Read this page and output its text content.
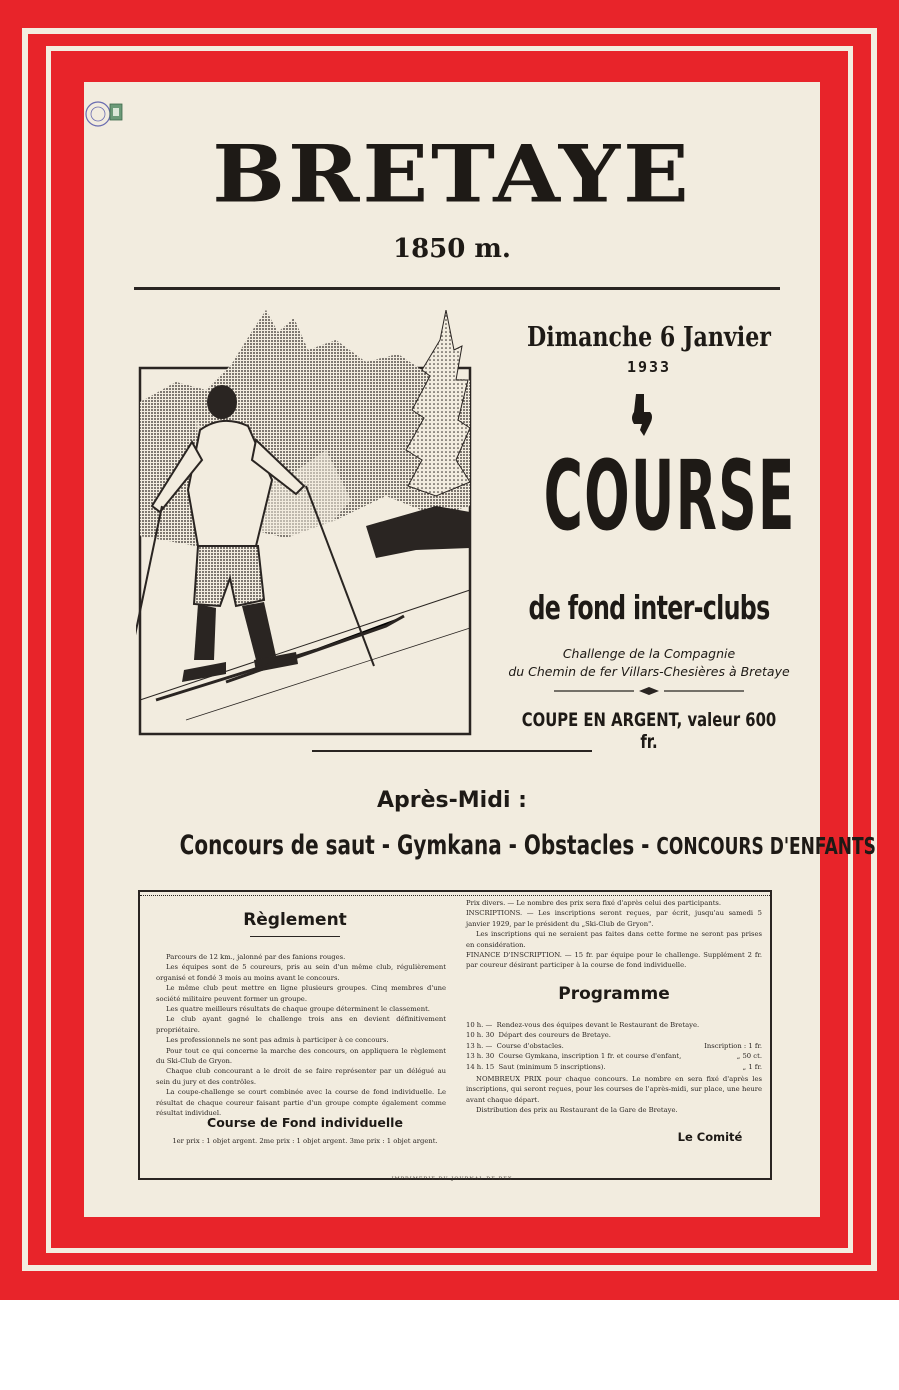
BRETAYE
1850 m.
Dimanche 6 Janvier
1933
COURSE
de fond inter-clubs
Challenge de la Compagnie
du Chemin de fer Villars-Chesières à Bretaye
COUPE EN ARGENT, valeur 600 fr.
Après-Midi :
Concours de saut - Gymkana - Obstacles - CONCOURS D'ENFANTS
Règlement

Parcours de 12 km., jalonné par des fanions rouges.

Les équipes sont de 5 coureurs, pris au sein d'un même club, régulièrement organisé et fondé 3 mois au moins avant le concours.

Le même club peut mettre en ligne plusieurs groupes. Cinq membres d'une société militaire peuvent former un groupe.

Les quatre meilleurs résultats de chaque groupe déterminent le classement.

Le club ayant gagné le challenge trois ans en devient définitivement propriétaire.

Les professionnels ne sont pas admis à participer à ce concours.

Pour tout ce qui concerne la marche des concours, on appliquera le règlement du Ski-Club de Gryon.

Chaque club concourant a le droit de se faire représenter par un délégué au sein du jury et des contrôles.

La coupe-challenge se court combinée avec la course de fond individuelle. Le résultat de chaque coureur faisant partie d'un groupe compte également comme résultat individuel.

Course de Fond individuelle
1er prix : 1 objet argent. 2me prix : 1 objet argent. 3me prix : 1 objet argent.

Prix divers. — Le nombre des prix sera fixé d'après celui des participants.

INSCRIPTIONS. — Les inscriptions seront reçues, par écrit, jusqu'au samedi 5 janvier 1929, par le président du „Ski-Club de Gryon".

Les inscriptions qui ne seraient pas faites dans cette forme ne seront pas prises en considération.

FINANCE D'INSCRIPTION. — 15 fr. par équipe pour le challenge. Supplément 2 fr. par coureur désirant participer à la course de fond individuelle.

Programme

10 h. — Rendez-vous des équipes devant le Restaurant de Bretaye.

10 h. 30 Départ des coureurs de Bretaye.

13 h. — Course d'obstacles.	Inscription : 1 fr.

13 h. 30 Course Gymkana, inscription 1 fr. et course d'enfant,	„ 50 ct.

14 h. 15 Saut (minimum 5 inscriptions).	„ 1 fr.

NOMBREUX PRIX pour chaque concours. Le nombre en sera fixé d'après les inscriptions, qui seront reçues, pour les courses de l'après-midi, sur place, une heure avant chaque départ.

Distribution des prix au Restaurant de la Gare de Bretaye.

Le Comité
IMPRIMERIE DU JOURNAL DE BEX
